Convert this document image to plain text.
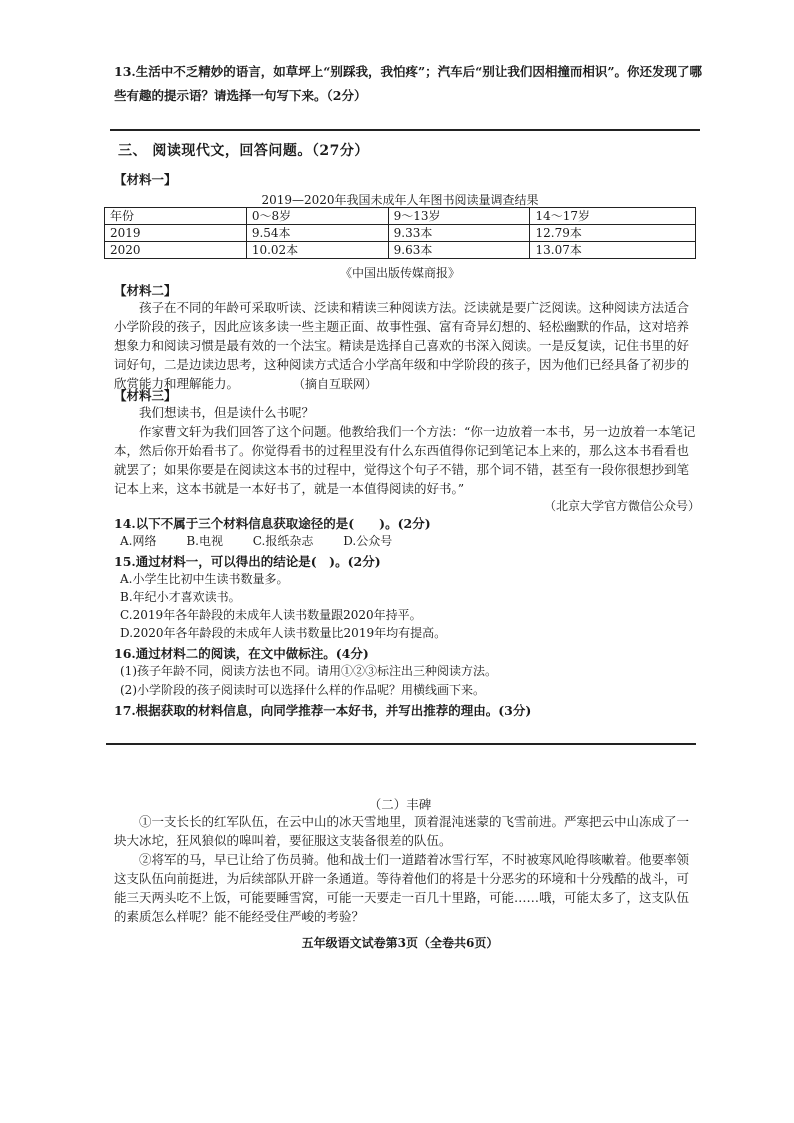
13.生活中不乏精妙的语言，如草坪上“别踩我，我怕疼”；汽车后“别让我们因相撞而相识”。你还发现了哪些有趣的提示语？请选择一句写下来。（2分）
三、 阅读现代文，回答问题。（27分）
【材料一】
2019—2020年我国未成年人年图书阅读量调查结果
年份	0～8岁	9～13岁	14～17岁
2019	9.54本	9.33本	12.79本
2020	10.02本	9.63本	13.07本
《中国出版传媒商报》
【材料二】
孩子在不同的年龄可采取听读、泛读和精读三种阅读方法。泛读就是要广泛阅读。这种阅读方法适合小学阶段的孩子，因此应该多读一些主题正面、故事性强、富有奇异幻想的、轻松幽默的作品，这对培养想象力和阅读习惯是最有效的一个法宝。精读是选择自己喜欢的书深入阅读。一是反复读，记住书里的好词好句，二是边读边思考，这种阅读方式适合小学高年级和中学阶段的孩子，因为他们已经具备了初步的欣赏能力和理解能力。	（摘自互联网）
【材料三】
我们想读书，但是读什么书呢？
作家曹文轩为我们回答了这个问题。他教给我们一个方法：“你一边放着一本书，另一边放着一本笔记本，然后你开始看书了。你觉得看书的过程里没有什么东西值得你记到笔记本上来的，那么这本书看看也就罢了；如果你要是在阅读这本书的过程中，觉得这个句子不错，那个词不错，甚至有一段你很想抄到笔记本上来，这本书就是一本好书了，就是一本值得阅读的好书。”
（北京大学官方微信公众号）
14.以下不属于三个材料信息获取途径的是(　　)。(2分)
A.网络 B.电视 C.报纸杂志 D.公众号
15.通过材料一，可以得出的结论是(　)。(2分)
A.小学生比初中生读书数量多。
B.年纪小才喜欢读书。
C.2019年各年龄段的未成年人读书数量跟2020年持平。
D.2020年各年龄段的未成年人读书数量比2019年均有提高。
16.通过材料二的阅读，在文中做标注。(4分)
(1)孩子年龄不同，阅读方法也不同。请用①②③标注出三种阅读方法。
(2)小学阶段的孩子阅读时可以选择什么样的作品呢？用横线画下来。
17.根据获取的材料信息，向同学推荐一本好书，并写出推荐的理由。(3分)
（二）丰碑
①一支长长的红军队伍，在云中山的冰天雪地里，顶着混沌迷蒙的飞雪前进。严寒把云中山冻成了一块大冰坨，狂风狼似的嗥叫着，要征服这支装备很差的队伍。
②将军的马，早已让给了伤员骑。他和战士们一道踏着冰雪行军，不时被寒风呛得咳嗽着。他要率领这支队伍向前挺进，为后续部队开辟一条通道。等待着他们的将是十分恶劣的环境和十分残酷的战斗，可能三天两头吃不上饭，可能要睡雪窝，可能一天要走一百几十里路，可能……哦，可能太多了，这支队伍的素质怎么样呢？能不能经受住严峻的考验？
五年级语文试卷第3页（全卷共6页）
